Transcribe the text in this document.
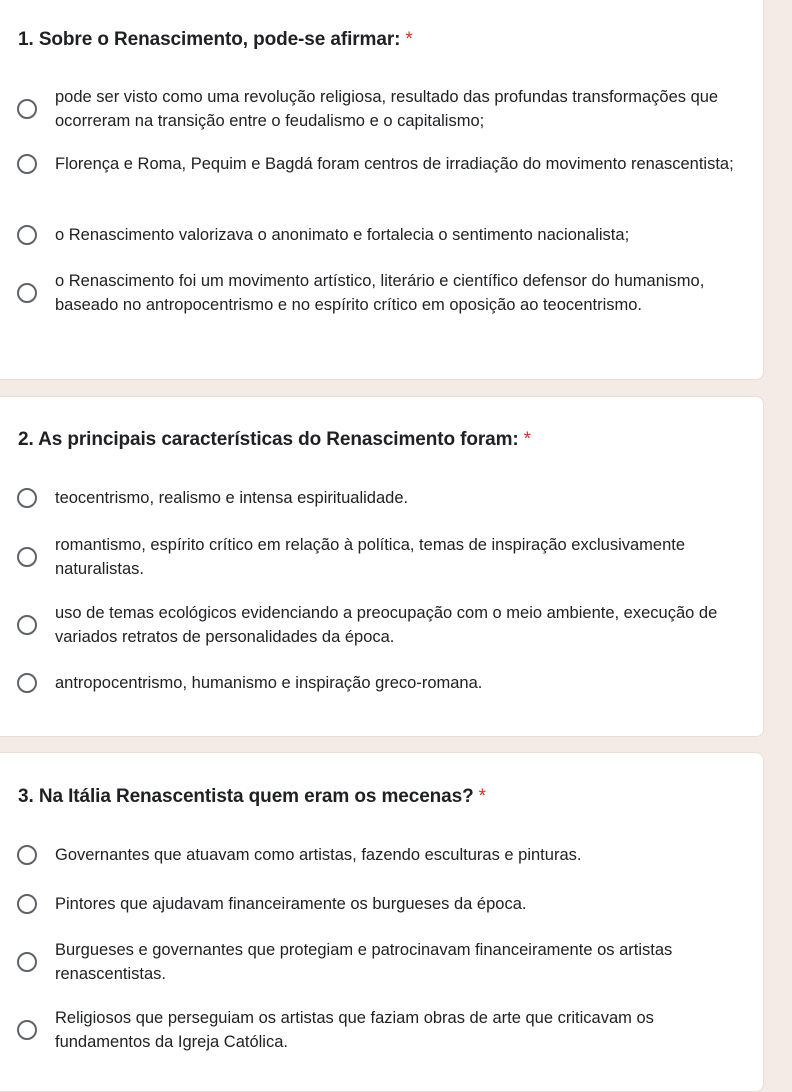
1. Sobre o Renascimento, pode-se afirmar: *
pode ser visto como uma revolução religiosa, resultado das profundas transformações que ocorreram na transição entre o feudalismo e o capitalismo;
Florença e Roma, Pequim e Bagdá foram centros de irradiação do movimento renascentista;
o Renascimento valorizava o anonimato e fortalecia o sentimento nacionalista;
o Renascimento foi um movimento artístico, literário e científico defensor do humanismo, baseado no antropocentrismo e no espírito crítico em oposição ao teocentrismo.
2. As principais características do Renascimento foram: *
teocentrismo, realismo e intensa espiritualidade.
romantismo, espírito crítico em relação à política, temas de inspiração exclusivamente naturalistas.
uso de temas ecológicos evidenciando a preocupação com o meio ambiente, execução de variados retratos de personalidades da época.
antropocentrismo, humanismo e inspiração greco-romana.
3. Na Itália Renascentista quem eram os mecenas? *
Governantes que atuavam como artistas, fazendo esculturas e pinturas.
Pintores que ajudavam financeiramente os burgueses da época.
Burgueses e governantes que protegiam e patrocinavam financeiramente os artistas renascentistas.
Religiosos que perseguiam os artistas que faziam obras de arte que criticavam os fundamentos da Igreja Católica.
